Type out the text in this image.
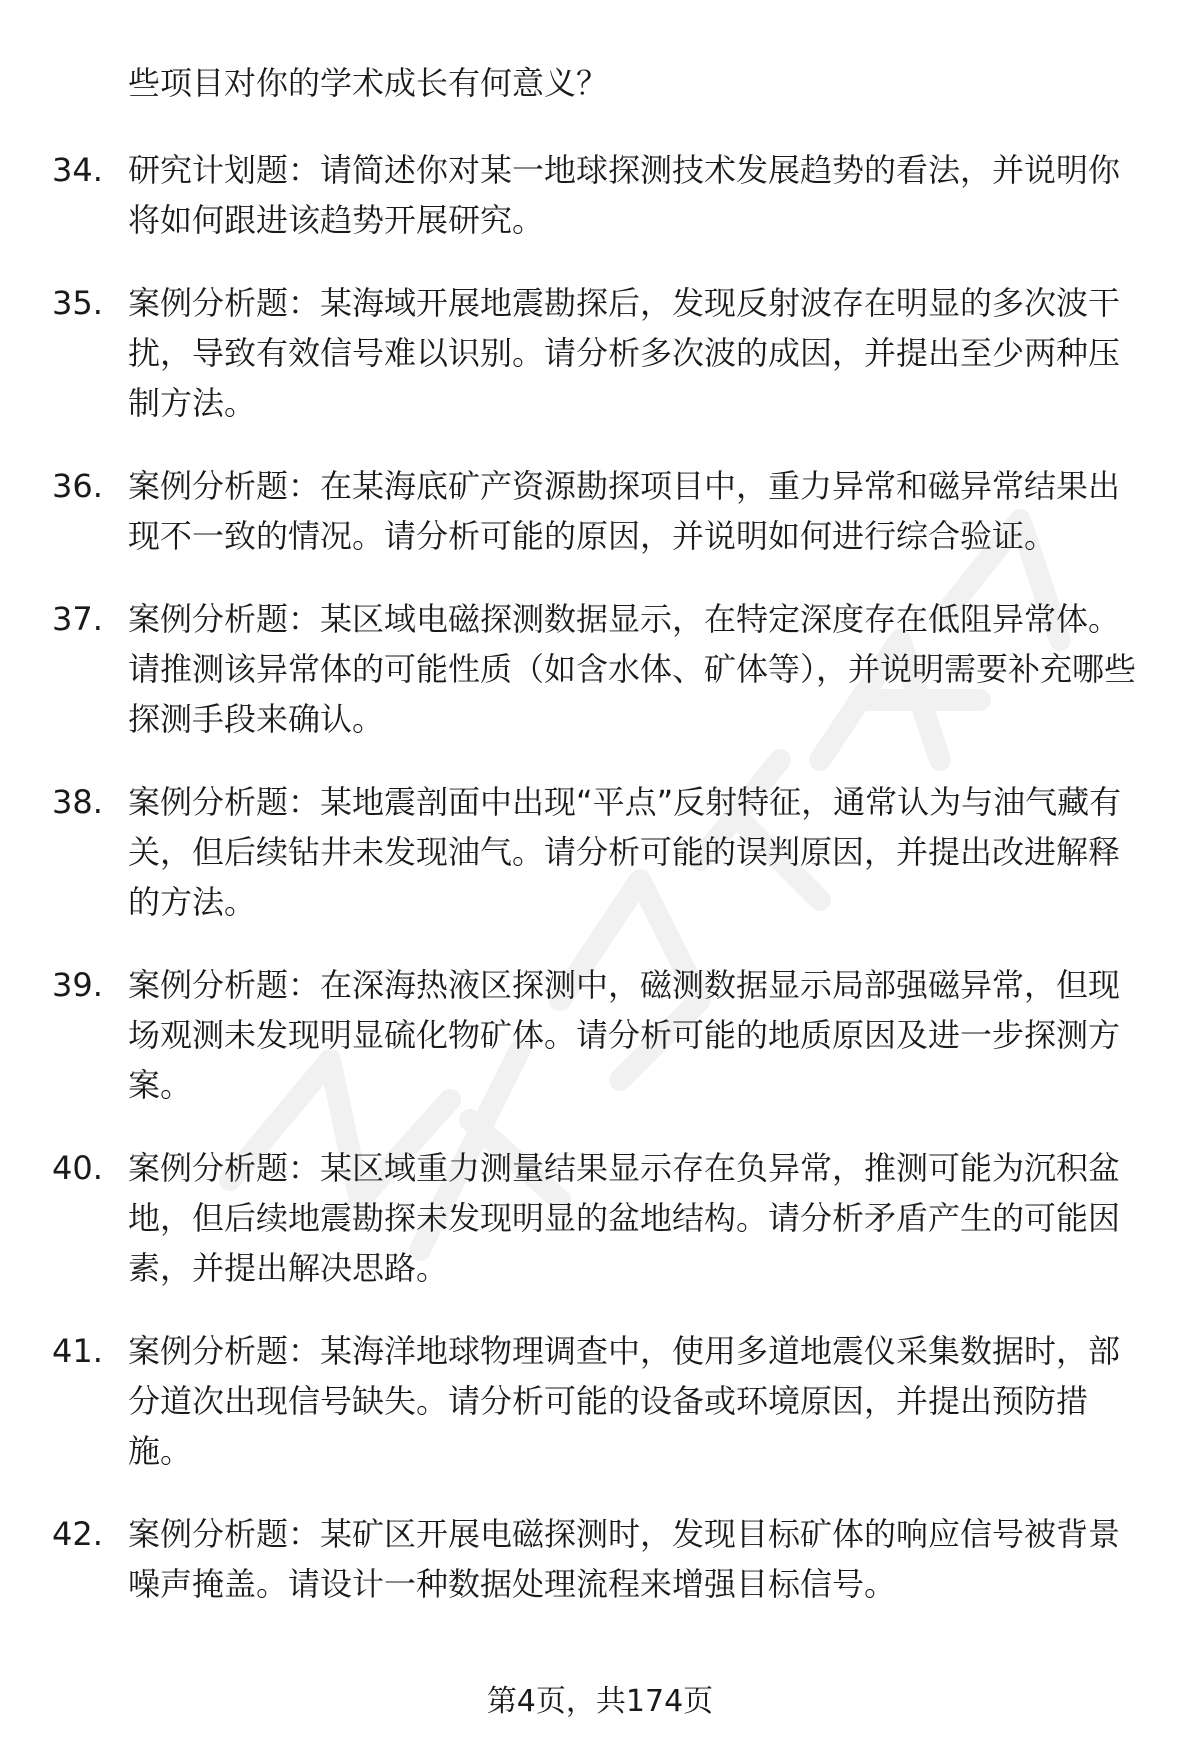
些项目对你的学术成长有何意义？
34. 研究计划题：请简述你对某一地球探测技术发展趋势的看法，并说明你将如何跟进该趋势开展研究。
35. 案例分析题：某海域开展地震勘探后，发现反射波存在明显的多次波干扰，导致有效信号难以识别。请分析多次波的成因，并提出至少两种压制方法。
36. 案例分析题：在某海底矿产资源勘探项目中，重力异常和磁异常结果出现不一致的情况。请分析可能的原因，并说明如何进行综合验证。
37. 案例分析题：某区域电磁探测数据显示，在特定深度存在低阻异常体。请推测该异常体的可能性质（如含水体、矿体等），并说明需要补充哪些探测手段来确认。
38. 案例分析题：某地震剖面中出现“平点”反射特征，通常认为与油气藏有关，但后续钻井未发现油气。请分析可能的误判原因，并提出改进解释的方法。
39. 案例分析题：在深海热液区探测中，磁测数据显示局部强磁异常，但现场观测未发现明显硫化物矿体。请分析可能的地质原因及进一步探测方案。
40. 案例分析题：某区域重力测量结果显示存在负异常，推测可能为沉积盆地，但后续地震勘探未发现明显的盆地结构。请分析矛盾产生的可能因素，并提出解决思路。
41. 案例分析题：某海洋地球物理调查中，使用多道地震仪采集数据时，部分道次出现信号缺失。请分析可能的设备或环境原因，并提出预防措施。
42. 案例分析题：某矿区开展电磁探测时，发现目标矿体的响应信号被背景噪声掩盖。请设计一种数据处理流程来增强目标信号。
第4页，共174页
